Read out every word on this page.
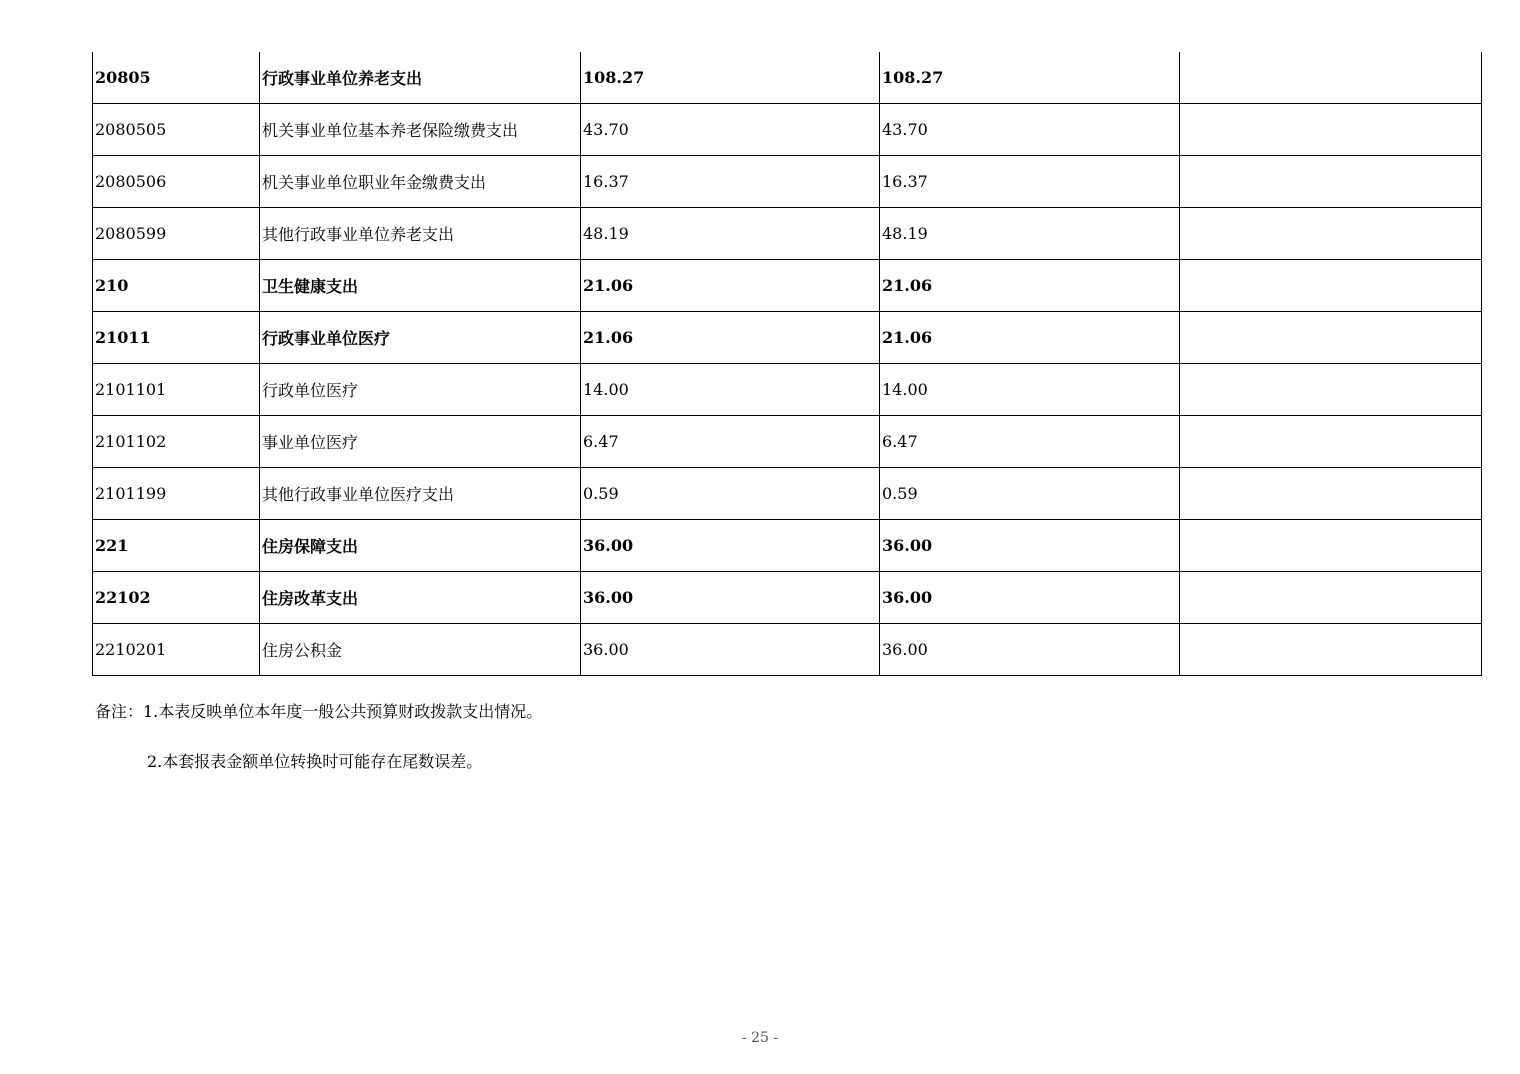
20805	行政事业单位养老支出	108.27	108.27	
2080505	机关事业单位基本养老保险缴费支出	43.70	43.70	
2080506	机关事业单位职业年金缴费支出	16.37	16.37	
2080599	其他行政事业单位养老支出	48.19	48.19	
210	卫生健康支出	21.06	21.06	
21011	行政事业单位医疗	21.06	21.06	
2101101	行政单位医疗	14.00	14.00	
2101102	事业单位医疗	6.47	6.47	
2101199	其他行政事业单位医疗支出	0.59	0.59	
221	住房保障支出	36.00	36.00	
22102	住房改革支出	36.00	36.00	
2210201	住房公积金	36.00	36.00	
备注：1.本表反映单位本年度一般公共预算财政拨款支出情况。
2.本套报表金额单位转换时可能存在尾数误差。
- 25 -
